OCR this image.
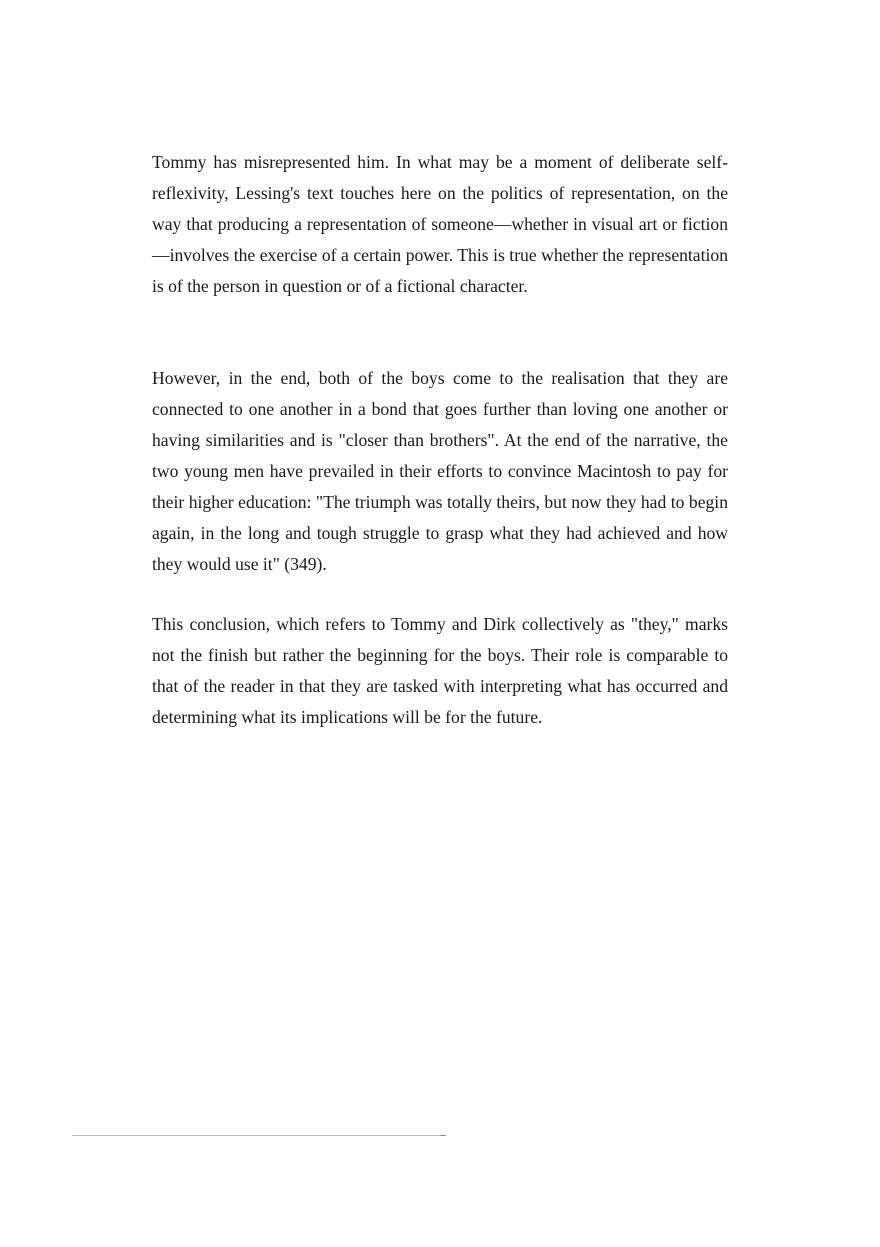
Tommy has misrepresented him. In what may be a moment of deliberate self-reflexivity, Lessing's text touches here on the politics of representation, on the way that producing a representation of someone—whether in visual art or fiction—involves the exercise of a certain power. This is true whether the representation is of the person in question or of a fictional character.

However, in the end, both of the boys come to the realisation that they are connected to one another in a bond that goes further than loving one another or having similarities and is "closer than brothers". At the end of the narrative, the two young men have prevailed in their efforts to convince Macintosh to pay for their higher education: "The triumph was totally theirs, but now they had to begin again, in the long and tough struggle to grasp what they had achieved and how they would use it" (349).

This conclusion, which refers to Tommy and Dirk collectively as "they," marks not the finish but rather the beginning for the boys. Their role is comparable to that of the reader in that they are tasked with interpreting what has occurred and determining what its implications will be for the future.
